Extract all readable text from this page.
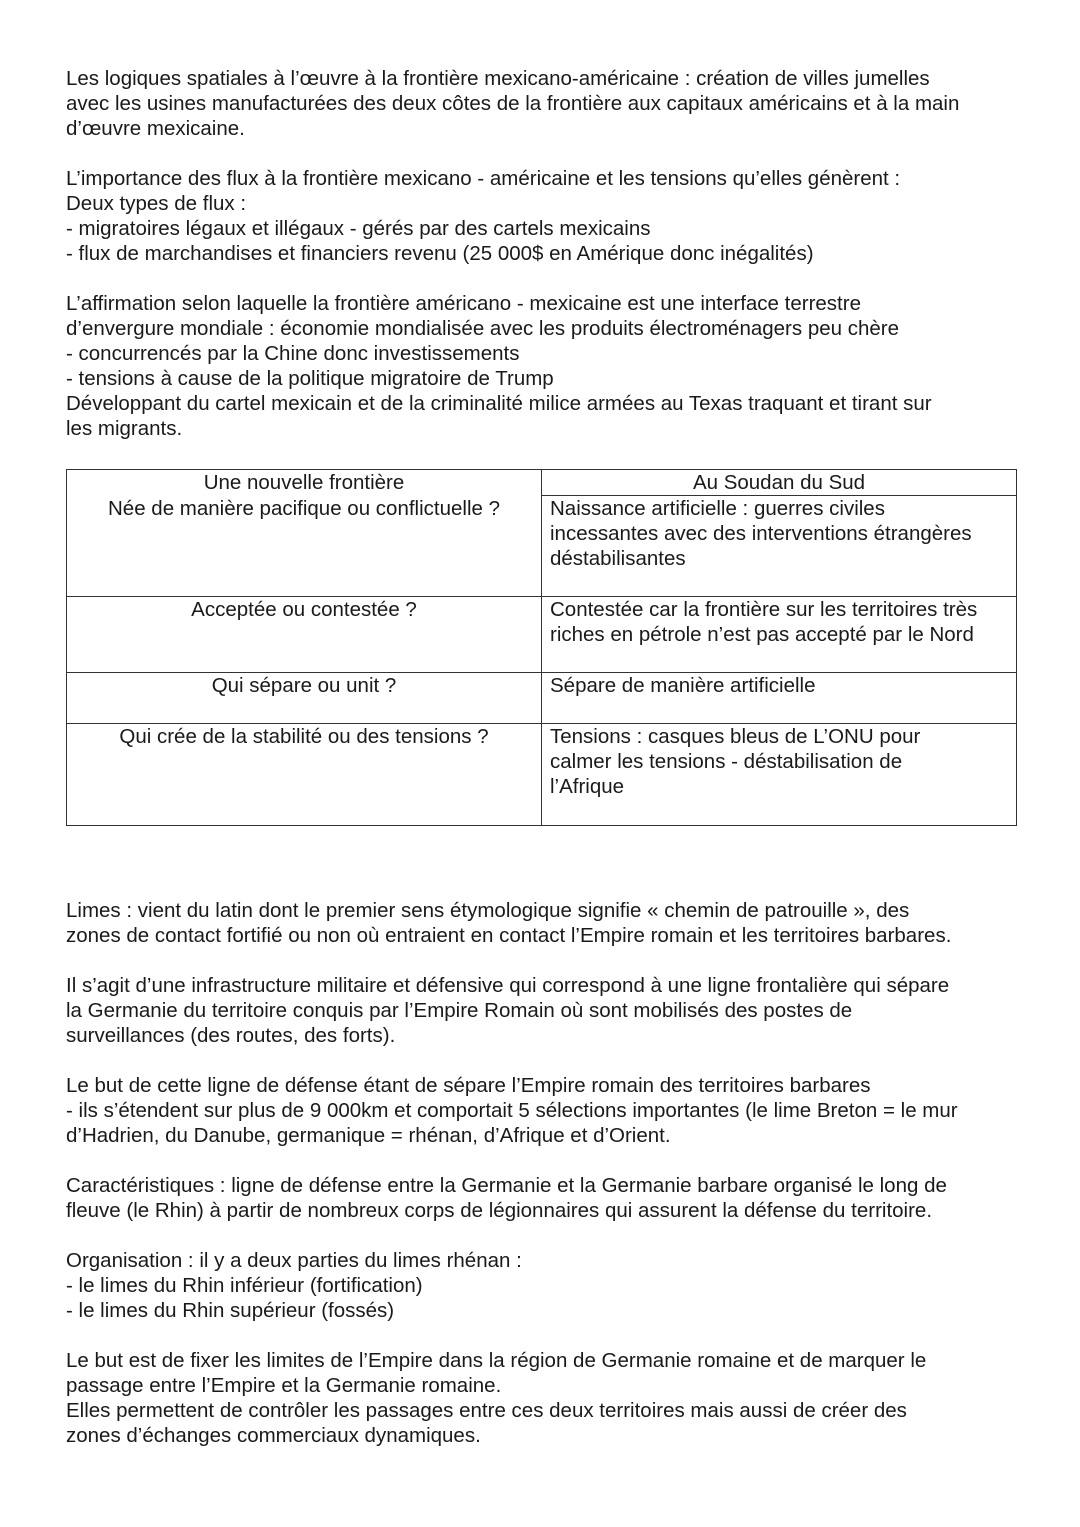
Les logiques spatiales à l’œuvre à la frontière mexicano-américaine : création de villes jumelles
avec les usines manufacturées des deux côtes de la frontière aux capitaux américains et à la main
d’œuvre mexicaine.
L’importance des flux à la frontière mexicano - américaine et les tensions qu’elles génèrent :
Deux types de flux :
- migratoires légaux et illégaux - gérés par des cartels mexicains
- flux de marchandises et financiers revenu (25 000$ en Amérique donc inégalités)
L’affirmation selon laquelle la frontière américano - mexicaine est une interface terrestre
d’envergure mondiale : économie mondialisée avec les produits électroménagers peu chère
- concurrencés par la Chine donc investissements
- tensions à cause de la politique migratoire de Trump
Développant du cartel mexicain et de la criminalité milice armées au Texas traquant et tirant sur
les migrants.
Une nouvelle frontière	Au Soudan du Sud
Née de manière pacifique ou conflictuelle ?	Naissance artificielle : guerres civiles
incessantes avec des interventions étrangères
déstabilisantes

Acceptée ou contestée ?	Contestée car la frontière sur les territoires très
riches en pétrole n’est pas accepté par le Nord

Qui sépare ou unit ?	Sépare de manière artificielle

Qui crée de la stabilité ou des tensions ?	Tensions : casques bleus de L’ONU pour
calmer les tensions - déstabilisation de
l’Afrique
Limes : vient du latin dont le premier sens étymologique signifie « chemin de patrouille », des
zones de contact fortifié ou non où entraient en contact l’Empire romain et les territoires barbares.
Il s’agit d’une infrastructure militaire et défensive qui correspond à une ligne frontalière qui sépare
la Germanie du territoire conquis par l’Empire Romain où sont mobilisés des postes de
surveillances (des routes, des forts).
Le but de cette ligne de défense étant de sépare l’Empire romain des territoires barbares
- ils s’étendent sur plus de 9 000km et comportait 5 sélections importantes (le lime Breton = le mur
d’Hadrien, du Danube, germanique = rhénan, d’Afrique et d’Orient.
Caractéristiques : ligne de défense entre la Germanie et la Germanie barbare organisé le long de
fleuve (le Rhin) à partir de nombreux corps de légionnaires qui assurent la défense du territoire.
Organisation : il y a deux parties du limes rhénan :
- le limes du Rhin inférieur (fortification)
- le limes du Rhin supérieur (fossés)
Le but est de fixer les limites de l’Empire dans la région de Germanie romaine et de marquer le
passage entre l’Empire et la Germanie romaine.
Elles permettent de contrôler les passages entre ces deux territoires mais aussi de créer des
zones d’échanges commerciaux dynamiques.
